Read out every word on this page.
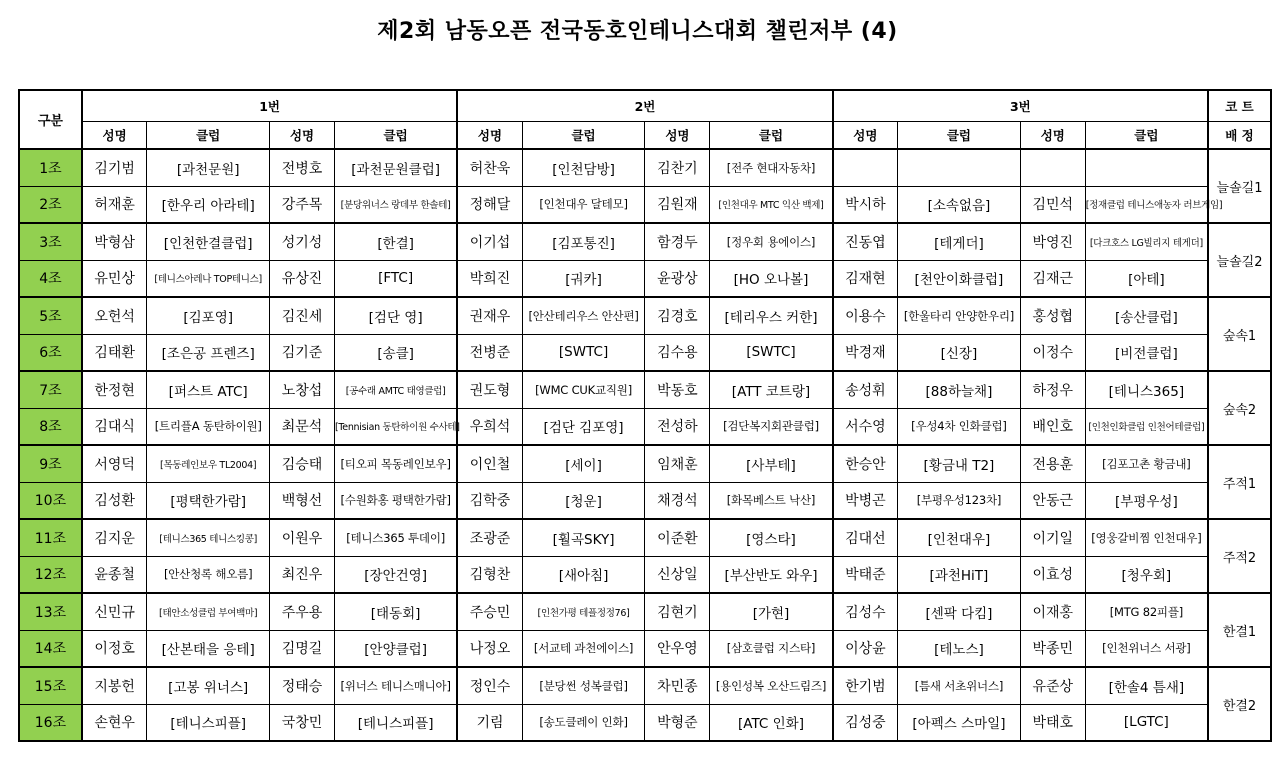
제2회 남동오픈 전국동호인테니스대회 챌린저부 (4)
구분	1번				2번				3번				코 트
	성명	클럽	성명	클럽	성명	클럽	성명	클럽	성명	클럽	성명	클럽	배 정
1조	김기범	[과천문원]	전병호	[과천문원클럽]	허찬욱	[인천담방]	김찬기	[전주 현대자동차]					늘솔길1
2조	허재훈	[한우리 아라테]	강주목	[분당위너스 랑데부 한솔테]	정해달	[인천대우 달테모]	김원재	[인천대우 MTC 익산 백제]	박시하	[소속없음]	김민석	[정재클럽 테니스애농자 러브게임]	
3조	박형삼	[인천한결클럽]	성기성	[한결]	이기섭	[김포통진]	함경두	[정우회 용에이스]	진동엽	[테게더]	박영진	[다크호스 LG빌리지 테게더]	늘솔길2
4조	유민상	[테니스아레나 TOP테니스]	유상진	[FTC]	박희진	[궈카]	윤광상	[HO 오나볼]	김재현	[천안이화클럽]	김재근	[아테]	
5조	오헌석	[김포영]	김진세	[검단 영]	권재우	[안산테리우스 안산편]	김경호	[테리우스 커한]	이용수	[한울타리 안양한우리]	홍성협	[송산클럽]	숲속1
6조	김태환	[조은공 프렌즈]	김기준	[송클]	전병준	[SWTC]	김수용	[SWTC]	박경재	[신장]	이정수	[비전클럽]	
7조	한정현	[퍼스트 ATC]	노창섭	[공수래 AMTC 태영클럽]	권도형	[WMC CUK교직원]	박동호	[ATT 코트랑]	송성휘	[88하늘채]	하정우	[테니스365]	숲속2
8조	김대식	[트리플A 동탄하이원]	최문석	[Tennisian 동탄하이원 수사테]	우희석	[검단 김포영]	전성하	[검단복지회관클럽]	서수영	[우성4차 인화클럽]	배인호	[인천인화클럽 인천어테클럽]	
9조	서영덕	[목동레인보우 TL2004]	김승태	[티오피 목동레인보우]	이인철	[세이]	임채훈	[사부테]	한승안	[황금내 T2]	전용훈	[김포고촌 황금내]	주적1
10조	김성환	[평택한가람]	백형선	[수원화홍 평택한가람]	김학중	[청운]	채경석	[화목베스트 낙산]	박병곤	[부평우성123차]	안동근	[부평우성]	
11조	김지운	[테니스365 테니스킹콩]	이원우	[테니스365 투데이]	조광준	[훨곡SKY]	이준환	[영스타]	김대선	[인천대우]	이기일	[영웅갈비찜 인천대우]	주적2
12조	윤종철	[안산청록 해오름]	최진우	[장안건영]	김형찬	[새아침]	신상일	[부산반도 와우]	박태준	[과천HiT]	이효성	[청우회]	
13조	신민규	[태안소성클럽 부여백마]	주우용	[태동회]	주승민	[인천가평 테플정정76]	김현기	[가현]	김성수	[센팍 다킴]	이재홍	[MTG 82피플]	한결1
14조	이정호	[산본태을 응테]	김명길	[안양클럽]	나정오	[서교테 과천에이스]	안우영	[삼호클럽 지스타]	이상윤	[테노스]	박종민	[인천위너스 서광]	
15조	지봉헌	[고봉 위너스]	정태승	[위너스 테니스매니아]	정인수	[분당썬 성복클럽]	차민종	[용인성복 오산드림즈]	한기범	[틈새 서초위너스]	유준상	[한솔4 틈새]	한결2
16조	손현우	[테니스피플]	국창민	[테니스피플]	기림	[송도클레이 인화]	박형준	[ATC 인화]	김성중	[아펙스 스마일]	박태호	[LGTC]	
